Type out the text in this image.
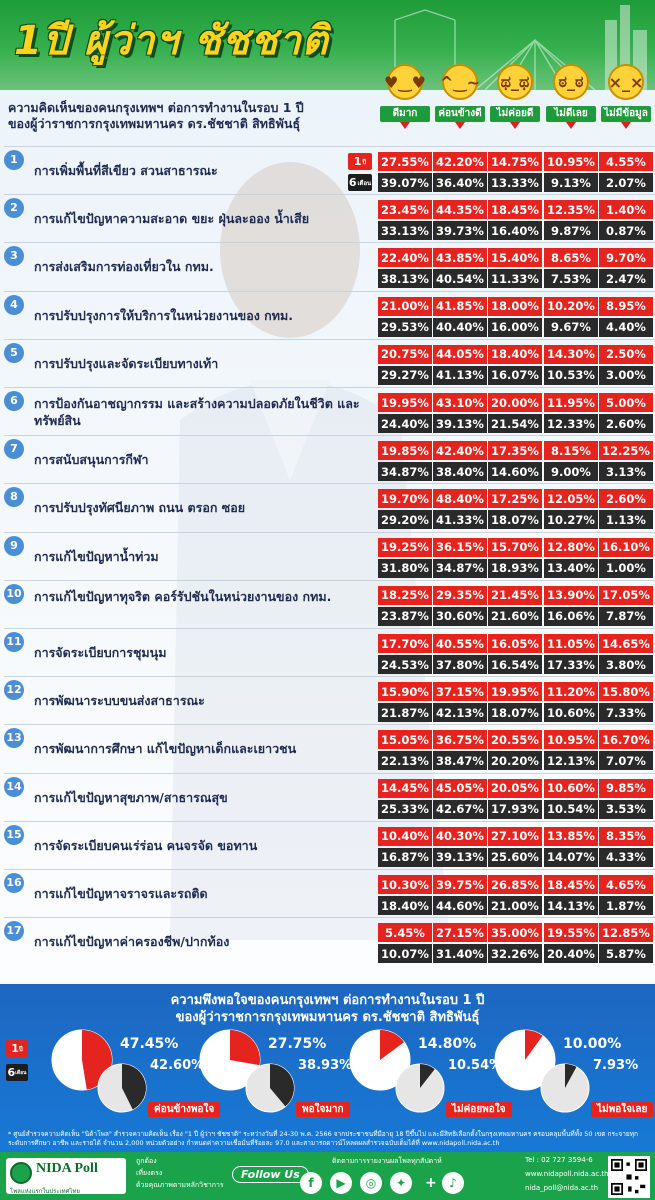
1ปี ผู้ว่าฯ ชัชชาติ
ความคิดเห็นของคนกรุงเทพฯ ต่อการทำงานในรอบ 1 ปี
ของผู้ว่าราชการกรุงเทพมหานคร ดร.ชัชชาติ สิทธิพันธุ์
♥‿♥
ดีมาก
^‿~
ค่อนข้างดี
ಥ_ಥ
ไม่ค่อยดี
ಠ_ಠ
ไม่ดีเลย
×_×
ไม่มีข้อมูล
1
การเพิ่มพื้นที่สีเขียว สวนสาธารณะ
27.55% 42.20% 14.75% 10.95% 4.55%
39.07% 36.40% 13.33%	9.13%	2.07%
1 ปี
6 เดือน
2
การแก้ไขปัญหาความสะอาด ขยะ ฝุ่นละออง น้ำเสีย
23.45% 44.35% 18.45% 12.35% 1.40%
33.13% 39.73% 16.40%	9.87%	0.87%
3
การส่งเสริมการท่องเที่ยวใน กทม.
22.40% 43.85% 15.40%	8.65%	9.70%
38.13% 40.54% 11.33%	7.53%	2.47%
4
การปรับปรุงการให้บริการในหน่วยงานของ กทม.
21.00% 41.85% 18.00% 10.20% 8.95%
29.53% 40.40% 16.00%	9.67%	4.40%
5
การปรับปรุงและจัดระเบียบทางเท้า
20.75% 44.05% 18.40% 14.30% 2.50%
29.27% 41.13% 16.07% 10.53% 3.00%
6	การป้องกันอาชญากรรม และสร้างความปลอดภัยในชีวิต และทรัพย์สิน
19.95% 43.10% 20.00% 11.95% 5.00%
24.40% 39.13% 21.54% 12.33% 2.60%
7
การสนับสนุนการกีฬา
19.85% 42.40% 17.35%	8.15% 12.25%
34.87% 38.40% 14.60%	9.00%	3.13%
8
การปรับปรุงทัศนียภาพ ถนน ตรอก ซอย
19.70% 48.40% 17.25% 12.05% 2.60%
29.20% 41.33% 18.07% 10.27% 1.13%
9
การแก้ไขปัญหาน้ำท่วม
19.25% 36.15% 15.70% 12.80% 16.10%
31.80% 34.87% 18.93% 13.40% 1.00%
10 การแก้ไขปัญหาทุจริต คอร์รัปชันในหน่วยงานของ กทม.	18.25% 29.35% 21.45% 13.90% 17.05%
23.87% 30.60% 21.60% 16.06% 7.87%
11
การจัดระเบียบการชุมนุม
17.70% 40.55% 16.05% 11.05% 14.65%
24.53% 37.80% 16.54% 17.33% 3.80%
12
การพัฒนาระบบขนส่งสาธารณะ
15.90% 37.15% 19.95% 11.20% 15.80%
21.87% 42.13% 18.07% 10.60% 7.33%
13
การพัฒนาการศึกษา แก้ไขปัญหาเด็กและเยาวชน
15.05% 36.75% 20.55% 10.95% 16.70%
22.13% 38.47% 20.20% 12.13% 7.07%
14
การแก้ไขปัญหาสุขภาพ/สาธารณสุข
14.45% 45.05% 20.05% 10.60% 9.85%
25.33% 42.67% 17.93% 10.54% 3.53%
15
การจัดระเบียบคนเร่ร่อน คนจรจัด ขอทาน
10.40% 40.30% 27.10% 13.85% 8.35%
16.87% 39.13% 25.60% 14.07% 4.33%
16
การแก้ไขปัญหาจราจรและรถติด
10.30% 39.75% 26.85% 18.45% 4.65%
18.40% 44.60% 21.00% 14.13% 1.87%
17
การแก้ไขปัญหาค่าครองชีพ/ปากท้อง
5.45% 27.15% 35.00% 19.55% 12.85%
10.07% 31.40% 32.26% 20.40% 5.87%
ความพึงพอใจของคนกรุงเทพฯ ต่อการทำงานในรอบ 1 ปี
ของผู้ว่าราชการกรุงเทพมหานคร ดร.ชัชชาติ สิทธิพันธุ์
1 ปี
6 เดือน
47.45%
42.60%
ค่อนข้างพอใจ
27.75%
38.93%
พอใจมาก
14.80%
10.54%
ไม่ค่อยพอใจ
10.00%
7.93%
ไม่พอใจเลย
* ศูนย์สำรวจความคิดเห็น "นิด้าโพล" สำรวจความคิดเห็น เรื่อง "1 ปี ผู้ว่าฯ ชัชชาติ" ระหว่างวันที่ 24-30 พ.ค. 2566 จากประชาชนที่มีอายุ 18 ปีขึ้นไป และมีสิทธิเลือกตั้งในกรุงเทพมหานคร ครอบคลุมพื้นที่ทั้ง 50 เขต กระจายทุกระดับการศึกษา อาชีพ และรายได้ จำนวน 2,000 หน่วยตัวอย่าง กำหนดค่าความเชื่อมั่นที่ร้อยละ 97.0 และสามารถดาวน์โหลดผลสำรวจฉบับเต็มได้ที่ www.nidapoll.nida.ac.th
NIDA Poll
โพลแห่งแรกในประเทศไทย
ถูกต้อง
เที่ยงตรง
ด้วยคุณภาพตามหลักวิชาการ
Follow Us
ติดตามการรายงานผลโพลทุกสัปดาห์
f	▶	◎	✦	+	♪
Tel : 02 727 3594-6
www.nidapoll.nida.ac.th
nida_poll@nida.ac.th
